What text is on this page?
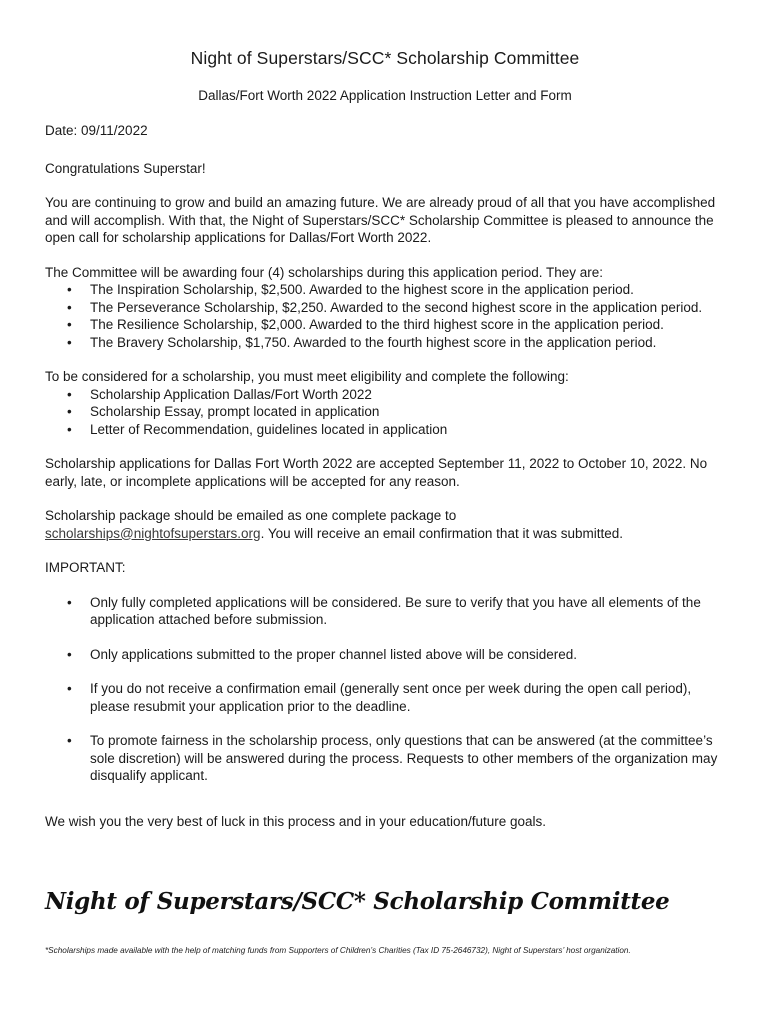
Night of Superstars/SCC* Scholarship Committee
Dallas/Fort Worth 2022 Application Instruction Letter and Form

Date: 09/11/2022

Congratulations Superstar!

You are continuing to grow and build an amazing future. We are already proud of all that you have accomplished and will accomplish. With that, the Night of Superstars/SCC* Scholarship Committee is pleased to announce the open call for scholarship applications for Dallas/Fort Worth 2022.

The Committee will be awarding four (4) scholarships during this application period. They are:

• The Inspiration Scholarship, $2,500. Awarded to the highest score in the application period.
• The Perseverance Scholarship, $2,250. Awarded to the second highest score in the application period.
• The Resilience Scholarship, $2,000. Awarded to the third highest score in the application period.
• The Bravery Scholarship, $1,750. Awarded to the fourth highest score in the application period.

To be considered for a scholarship, you must meet eligibility and complete the following:

• Scholarship Application Dallas/Fort Worth 2022
• Scholarship Essay, prompt located in application
• Letter of Recommendation, guidelines located in application

Scholarship applications for Dallas Fort Worth 2022 are accepted September 11, 2022 to October 10, 2022. No early, late, or incomplete applications will be accepted for any reason.

Scholarship package should be emailed as one complete package to
scholarships@nightofsuperstars.org. You will receive an email confirmation that it was submitted.

IMPORTANT:

• Only fully completed applications will be considered. Be sure to verify that you have all elements of the application attached before submission.
• Only applications submitted to the proper channel listed above will be considered.
• If you do not receive a confirmation email (generally sent once per week during the open call period), please resubmit your application prior to the deadline.
• To promote fairness in the scholarship process, only questions that can be answered (at the committee’s sole discretion) will be answered during the process. Requests to other members of the organization may disqualify applicant.

We wish you the very best of luck in this process and in your education/future goals.

Night of Superstars/SCC* Scholarship Committee
*Scholarships made available with the help of matching funds from Supporters of Children’s Charities (Tax ID 75-2646732), Night of Superstars’ host organization.
